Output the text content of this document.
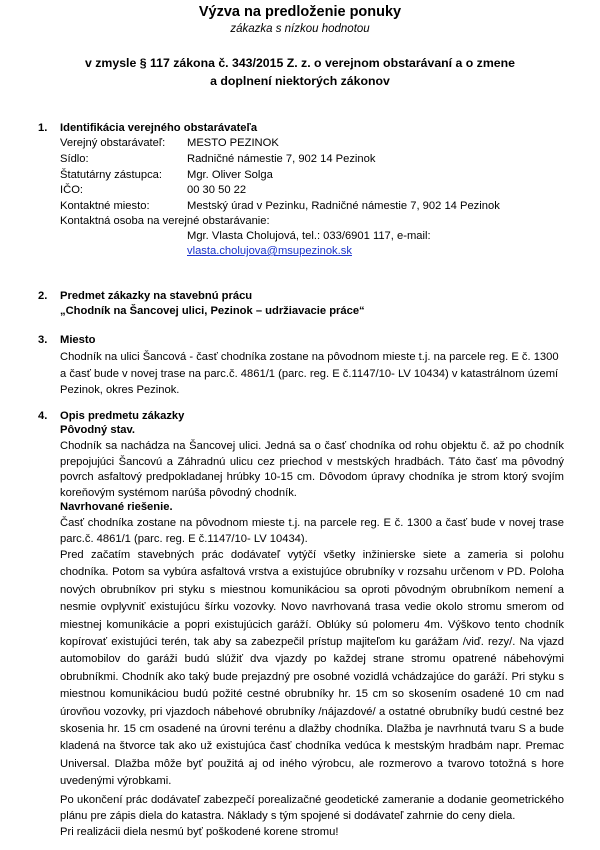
Výzva na predloženie ponuky
zákazka s nízkou hodnotou
v zmysle § 117 zákona č. 343/2015 Z. z. o verejnom obstarávaní a o zmene
a doplnení niektorých zákonov
1. Identifikácia verejného obstarávateľa
Verejný obstarávateľ: MESTO PEZINOK
Sídlo:	Radničné námestie 7, 902 14 Pezinok
Štatutárny zástupca: Mgr. Oliver Solga
IČO:	00 30 50 22
Kontaktné miesto:	Mestský úrad v Pezinku, Radničné námestie 7, 902 14 Pezinok
Kontaktná osoba na verejné obstarávanie:
Mgr. Vlasta Cholujová, tel.: 033/6901 117, e-mail:
vlasta.cholujova@msupezinok.sk
2. Predmet zákazky na stavebnú prácu
„Chodník na Šancovej ulici, Pezinok – udržiavacie práce“
3. Miesto
Chodník na ulici Šancová - časť chodníka zostane na pôvodnom mieste t.j. na parcele reg. E č. 1300
a časť bude v novej trase na parc.č. 4861/1 (parc. reg. E č.1147/10- LV 10434) v katastrálnom území
Pezinok, okres Pezinok.
4. Opis predmetu zákazky
Pôvodný stav.
Chodník sa nachádza na Šancovej ulici. Jedná sa o časť chodníka od rohu objektu č. až po chodník
prepojujúci Šancovú a Záhradnú ulicu cez priechod v mestských hradbách. Táto časť ma pôvodný
povrch asfaltový predpokladanej hrúbky 10-15 cm. Dôvodom úpravy chodníka je strom ktorý svojím
koreňovým systémom narúša pôvodný chodník.
Navrhované riešenie.
Časť chodníka zostane na pôvodnom mieste t.j. na parcele reg. E č. 1300 a časť bude v novej trase
parc.č. 4861/1 (parc. reg. E č.1147/10- LV 10434).
Pred začatím stavebných prác dodávateľ vytýčí všetky inžinierske siete a zameria si polohu
chodníka. Potom sa vybúra asfaltová vrstva a existujúce obrubníky v rozsahu určenom v PD. Poloha
nových obrubníkov pri styku s miestnou komunikáciou sa oproti pôvodným obrubníkom nemení a
nesmie ovplyvniť existujúcu šírku vozovky. Novo navrhovaná trasa vedie okolo stromu smerom od
miestnej komunikácie a popri existujúcich garáží. Oblúky sú polomeru 4m. Výškovo tento chodník
kopírovať existujúci terén, tak aby sa zabezpečil prístup majiteľom ku garážam /viď. rezy/. Na vjazd
automobilov do garáži budú slúžiť dva vjazdy po každej strane stromu opatrené nábehovými
obrubníkmi. Chodník ako taký bude prejazdný pre osobné vozidlá vchádzajúce do garáží. Pri styku s
miestnou komunikáciou budú požité cestné obrubníky hr. 15 cm so skosením osadené 10 cm nad
úrovňou vozovky, pri vjazdoch nábehové obrubníky /nájazdové/ a ostatné obrubníky budú cestné bez
skosenia hr. 15 cm osadené na úrovni terénu a dlažby chodníka. Dlažba je navrhnutá tvaru S a bude
kladená na štvorce tak ako už existujúca časť chodníka vedúca k mestským hradbám napr. Premac
Universal. Dlažba môže byť použitá aj od iného výrobcu, ale rozmerovo a tvarovo totožná s hore
uvedenými výrobkami.
Po ukončení prác dodávateľ zabezpečí porealizačné geodetické zameranie a dodanie geometrického
plánu pre zápis diela do katastra. Náklady s tým spojené si dodávateľ zahrnie do ceny diela.
Pri realizácii diela nesmú byť poškodené korene stromu!
